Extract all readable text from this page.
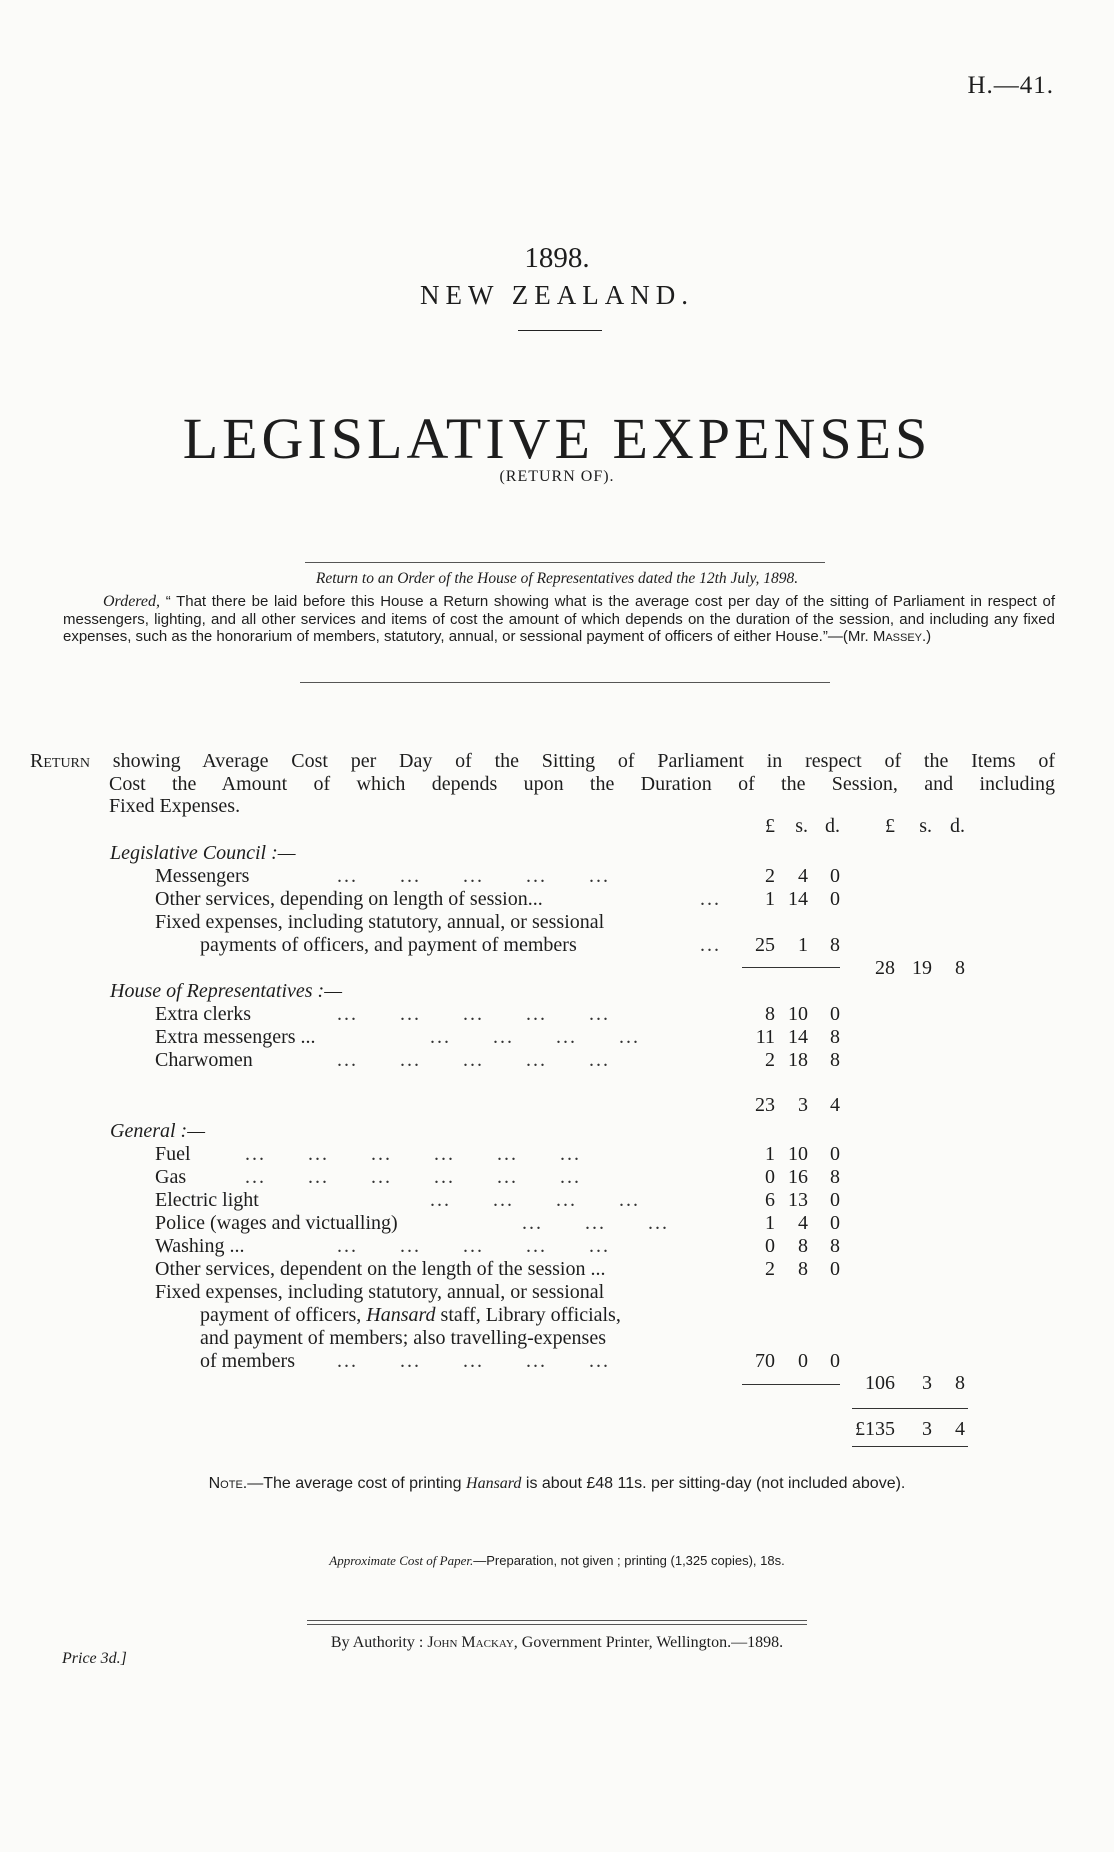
H.—41.
1898.
NEW ZEALAND.
LEGISLATIVE EXPENSES
(RETURN OF).
Return to an Order of the House of Representatives dated the 12th July, 1898.
Ordered, “ That there be laid before this House a Return showing what is the average cost per day of the sitting of Parliament in respect of messengers, lighting, and all other services and items of cost the amount of which depends on the duration of the session, and including any fixed expenses, such as the honorarium of members, statutory, annual, or sessional payment of officers of either House.”—(Mr. Massey.)
Return showing Average Cost per Day of the Sitting of Parliament in respect of the Items of
Cost the Amount of which depends upon the Duration of the Session, and including
Fixed Expenses.
£	s. d.	£	s. d.
Legislative Council :—
Messengers	...      ...      ...      ...      ...	2	4	0
Other services, depending on length of session...	...	1 14	0
Fixed expenses, including statutory, annual, or sessional
payments of officers, and payment of members	...	25	1	8
28 19	8
House of Representatives :—
Extra clerks	...      ...      ...      ...      ...	8 10	0
Extra messengers ...	...      ...      ...      ...	11 14	8
Charwomen	...      ...      ...      ...      ...	2 18	8
23	3	4
General :—
Fuel	...      ...      ...      ...      ...      ...	1 10	0
Gas	...      ...      ...      ...      ...      ...	0 16	8
Electric light	...      ...      ...      ...	6 13	0
Police (wages and victualling)	...      ...      ...	1	4	0
Washing ...	...      ...      ...      ...      ...	0	8	8
Other services, dependent on the length of the session ...	2	8	0
Fixed expenses, including statutory, annual, or sessional
payment of officers, Hansard staff, Library officials,
and payment of members; also travelling-expenses
of members ...      ...      ...      ...      ...	70	0	0
106	3	8
£135	3	4
Note.—The average cost of printing Hansard is about £48 11s. per sitting-day (not included above).
Approximate Cost of Paper.—Preparation, not given ; printing (1,325 copies), 18s.
By Authority : John Mackay, Government Printer, Wellington.—1898.
Price 3d.]
